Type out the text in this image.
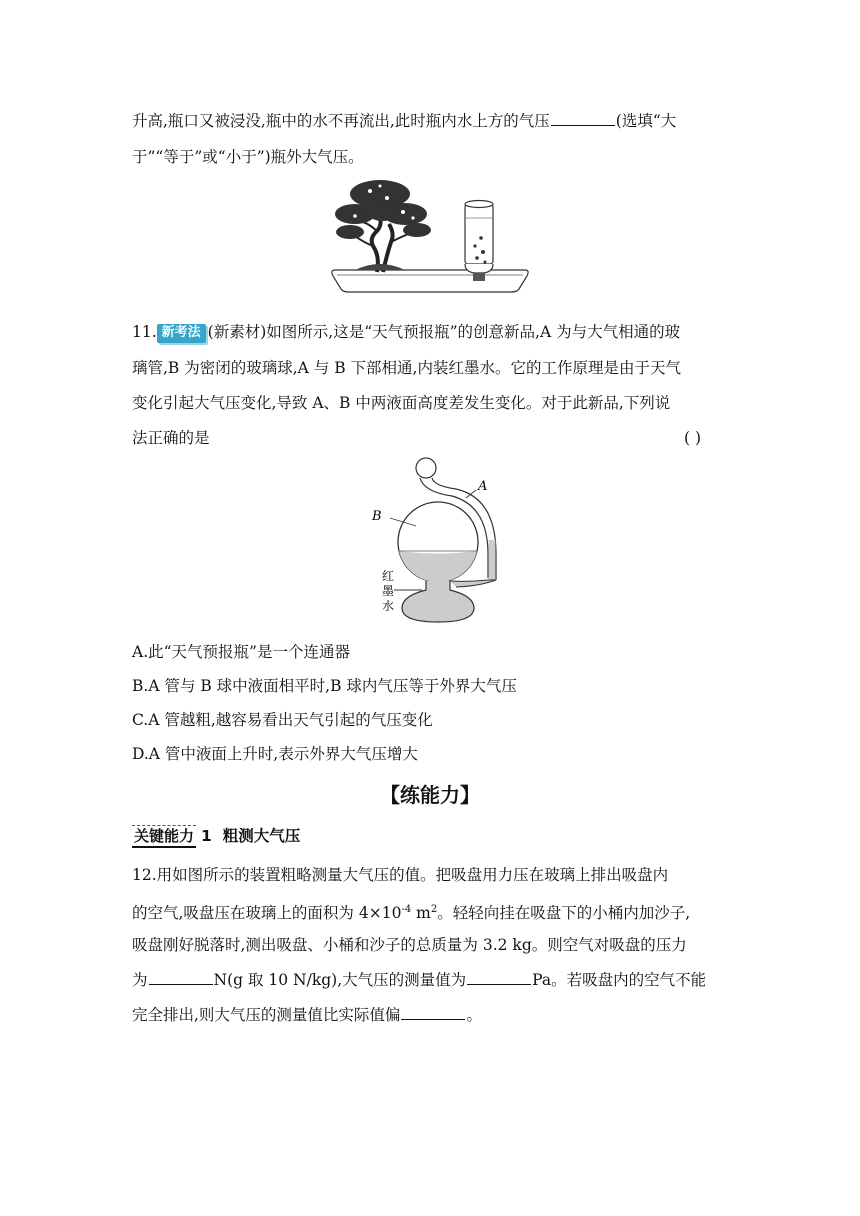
升高,瓶口又被浸没,瓶中的水不再流出,此时瓶内水上方的气压	(选填“大
于”“等于”或“小于”)瓶外大气压。
11. 新考法 (新素材)如图所示,这是“天气预报瓶”的创意新品,A 为与大气相通的玻
璃管,B 为密闭的玻璃球,A 与 B 下部相通,内装红墨水。它的工作原理是由于天气
变化引起大气压变化,导致 A、B 中两液面高度差发生变化。对于此新品,下列说
法正确的是	( )
A
B
红
墨
水
A.此“天气预报瓶”是一个连通器
B.A 管与 B 球中液面相平时,B 球内气压等于外界大气压
C.A 管越粗,越容易看出天气引起的气压变化
D.A 管中液面上升时,表示外界大气压增大
【练能力】
关键能力 1 粗测大气压
12.用如图所示的装置粗略测量大气压的值。把吸盘用力压在玻璃上排出吸盘内
的空气,吸盘压在玻璃上的面积为 $4\times 10^{-4}$ $m^2$。轻轻向挂在吸盘下的小桶内加沙子,
吸盘刚好脱落时,测出吸盘、小桶和沙子的总质量为 3.2 kg。则空气对吸盘的压力
为	N(g 取 10 N/kg),大气压的测量值为	Pa。若吸盘内的空气不能
完全排出,则大气压的测量值比实际值偏	。
